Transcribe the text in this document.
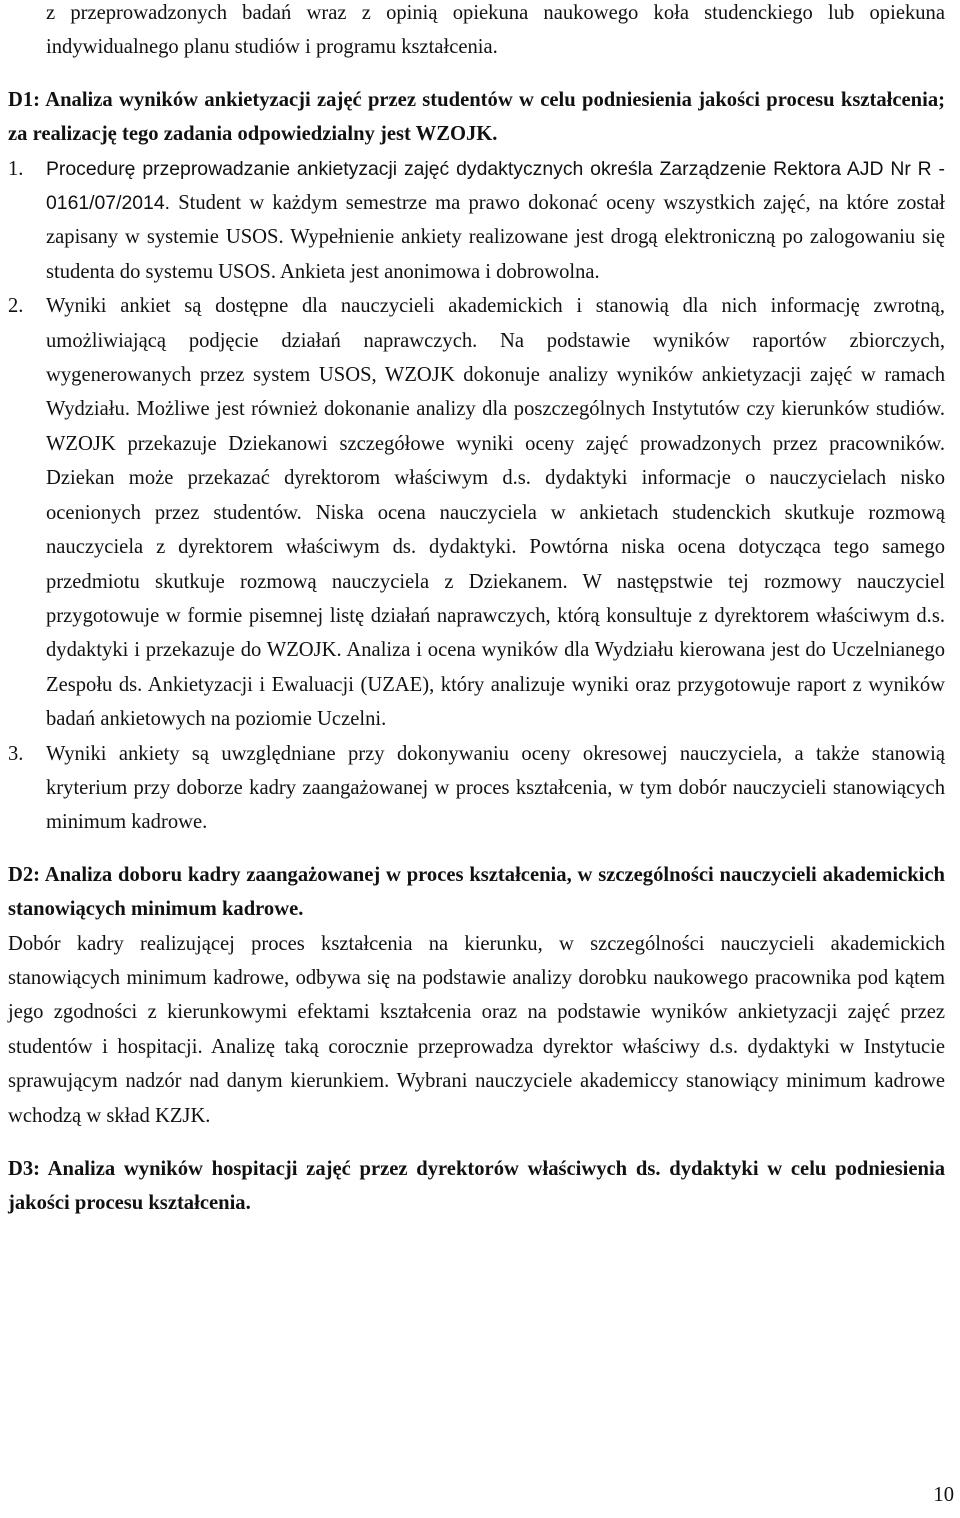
z przeprowadzonych badań wraz z opinią opiekuna naukowego koła studenckiego lub opiekuna indywidualnego planu studiów i programu kształcenia.

D1: Analiza wyników ankietyzacji zajęć przez studentów w celu podniesienia jakości procesu kształcenia; za realizację tego zadania odpowiedzialny jest WZOJK.

1. Procedurę przeprowadzanie ankietyzacji zajęć dydaktycznych określa Zarządzenie Rektora AJD Nr R - 0161/07/2014. Student w każdym semestrze ma prawo dokonać oceny wszystkich zajęć, na które został zapisany w systemie USOS. Wypełnienie ankiety realizowane jest drogą elektroniczną po zalogowaniu się studenta do systemu USOS. Ankieta jest anonimowa i dobrowolna.
2. Wyniki ankiet są dostępne dla nauczycieli akademickich i stanowią dla nich informację zwrotną, umożliwiającą podjęcie działań naprawczych. Na podstawie wyników raportów zbiorczych, wygenerowanych przez system USOS, WZOJK dokonuje analizy wyników ankietyzacji zajęć w ramach Wydziału. Możliwe jest również dokonanie analizy dla poszczególnych Instytutów czy kierunków studiów. WZOJK przekazuje Dziekanowi szczegółowe wyniki oceny zajęć prowadzonych przez pracowników. Dziekan może przekazać dyrektorom właściwym d.s. dydaktyki informacje o nauczycielach nisko ocenionych przez studentów. Niska ocena nauczyciela w ankietach studenckich skutkuje rozmową nauczyciela z dyrektorem właściwym ds. dydaktyki. Powtórna niska ocena dotycząca tego samego przedmiotu skutkuje rozmową nauczyciela z Dziekanem. W następstwie tej rozmowy nauczyciel przygotowuje w formie pisemnej listę działań naprawczych, którą konsultuje z dyrektorem właściwym d.s. dydaktyki i przekazuje do WZOJK. Analiza i ocena wyników dla Wydziału kierowana jest do Uczelnianego Zespołu ds. Ankietyzacji i Ewaluacji (UZAE), który analizuje wyniki oraz przygotowuje raport z wyników badań ankietowych na poziomie Uczelni.
3. Wyniki ankiety są uwzględniane przy dokonywaniu oceny okresowej nauczyciela, a także stanowią kryterium przy doborze kadry zaangażowanej w proces kształcenia, w tym dobór nauczycieli stanowiących minimum kadrowe.

D2: Analiza doboru kadry zaangażowanej w proces kształcenia, w szczególności nauczycieli akademickich stanowiących minimum kadrowe.

Dobór kadry realizującej proces kształcenia na kierunku, w szczególności nauczycieli akademickich stanowiących minimum kadrowe, odbywa się na podstawie analizy dorobku naukowego pracownika pod kątem jego zgodności z kierunkowymi efektami kształcenia oraz na podstawie wyników ankietyzacji zajęć przez studentów i hospitacji. Analizę taką corocznie przeprowadza dyrektor właściwy d.s. dydaktyki w Instytucie sprawującym nadzór nad danym kierunkiem. Wybrani nauczyciele akademiccy stanowiący minimum kadrowe wchodzą w skład KZJK.

D3: Analiza wyników hospitacji zajęć przez dyrektorów właściwych ds. dydaktyki w celu podniesienia jakości procesu kształcenia.

10
